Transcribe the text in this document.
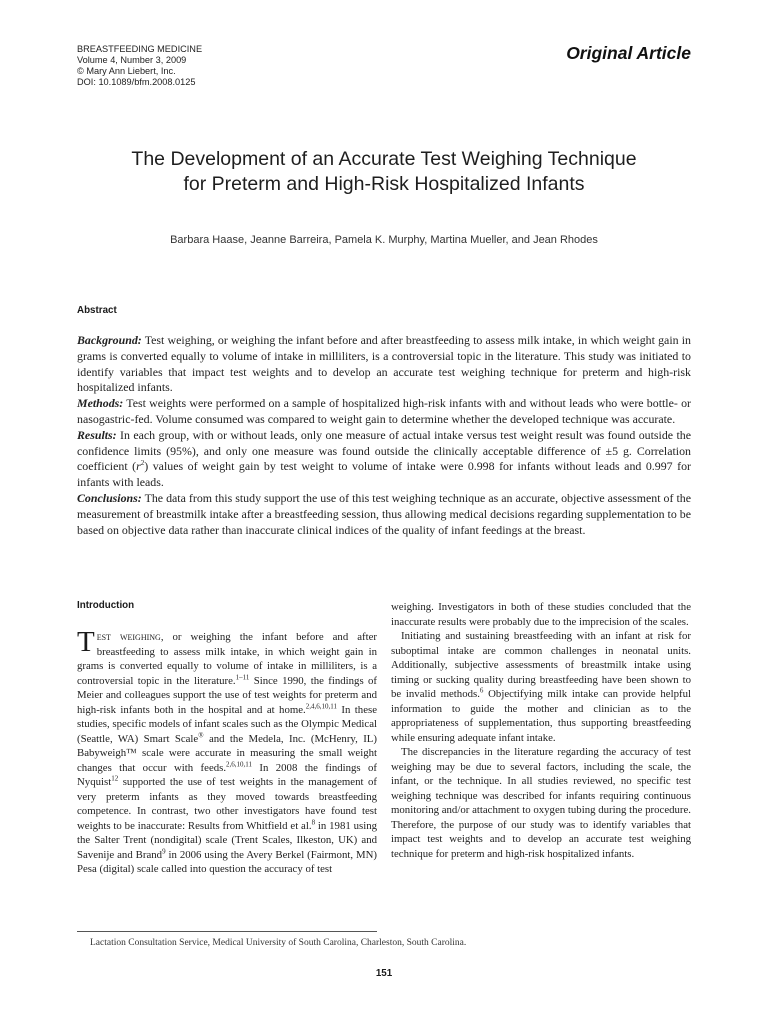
BREASTFEEDING MEDICINE
Volume 4, Number 3, 2009
© Mary Ann Liebert, Inc.
DOI: 10.1089/bfm.2008.0125
Original Article
The Development of an Accurate Test Weighing Technique
for Preterm and High-Risk Hospitalized Infants
Barbara Haase, Jeanne Barreira, Pamela K. Murphy, Martina Mueller, and Jean Rhodes
Abstract

Background: Test weighing, or weighing the infant before and after breastfeeding to assess milk intake, in which weight gain in grams is converted equally to volume of intake in milliliters, is a controversial topic in the literature. This study was initiated to identify variables that impact test weights and to develop an accurate test weighing technique for preterm and high-risk hospitalized infants.

Methods: Test weights were performed on a sample of hospitalized high-risk infants with and without leads who were bottle- or nasogastric-fed. Volume consumed was compared to weight gain to determine whether the developed technique was accurate.

Results: In each group, with or without leads, only one measure of actual intake versus test weight result was found outside the confidence limits (95%), and only one measure was found outside the clinically acceptable difference of ±5 g. Correlation coefficient $(r^2)$ values of weight gain by test weight to volume of intake were 0.998 for infants without leads and 0.997 for infants with leads.

Conclusions: The data from this study support the use of this test weighing technique as an accurate, objective assessment of the measurement of breastmilk intake after a breastfeeding session, thus allowing medical decisions regarding supplementation to be based on objective data rather than inaccurate clinical indices of the quality of infant feedings at the breast.

Introduction

Test weighing, or weighing the infant before and after breastfeeding to assess milk intake, in which weight gain in grams is converted equally to volume of intake in milliliters, is a controversial topic in the literature.$^{1-11}$ Since 1990, the findings of Meier and colleagues support the use of test weights for preterm and high-risk infants both in the hospital and at home.$^{2,4,6,10,11}$ In these studies, specific models of infant scales such as the Olympic Medical (Seattle, WA) Smart Scale® and the Medela, Inc. (McHenry, IL) Babyweigh™ scale were accurate in measuring the small weight changes that occur with feeds.$^{2,6,10,11}$ In 2008 the findings of Nyquist$^{12}$ supported the use of test weights in the management of very preterm infants as they moved towards breastfeeding competence. In contrast, two other investigators have found test weights to be inaccurate: Results from Whitfield et al.$^8$ in 1981 using the Salter Trent (nondigital) scale (Trent Scales, Ilkeston, UK) and Savenije and Brand$^9$ in 2006 using the Avery Berkel (Fairmont, MN) Pesa (digital) scale called into question the accuracy of test

weighing. Investigators in both of these studies concluded that the inaccurate results were probably due to the imprecision of the scales.

Initiating and sustaining breastfeeding with an infant at risk for suboptimal intake are common challenges in neonatal units. Additionally, subjective assessments of breastmilk intake using timing or sucking quality during breastfeeding have been shown to be invalid methods.$^6$ Objectifying milk intake can provide helpful information to guide the mother and clinician as to the appropriateness of supplementation, thus supporting breastfeeding while ensuring adequate infant intake.

The discrepancies in the literature regarding the accuracy of test weighing may be due to several factors, including the scale, the infant, or the technique. In all studies reviewed, no specific test weighing technique was described for infants requiring continuous monitoring and/or attachment to oxygen tubing during the procedure. Therefore, the purpose of our study was to identify variables that impact test weights and to develop an accurate test weighing technique for preterm and high-risk hospitalized infants.

Lactation Consultation Service, Medical University of South Carolina, Charleston, South Carolina.
151
